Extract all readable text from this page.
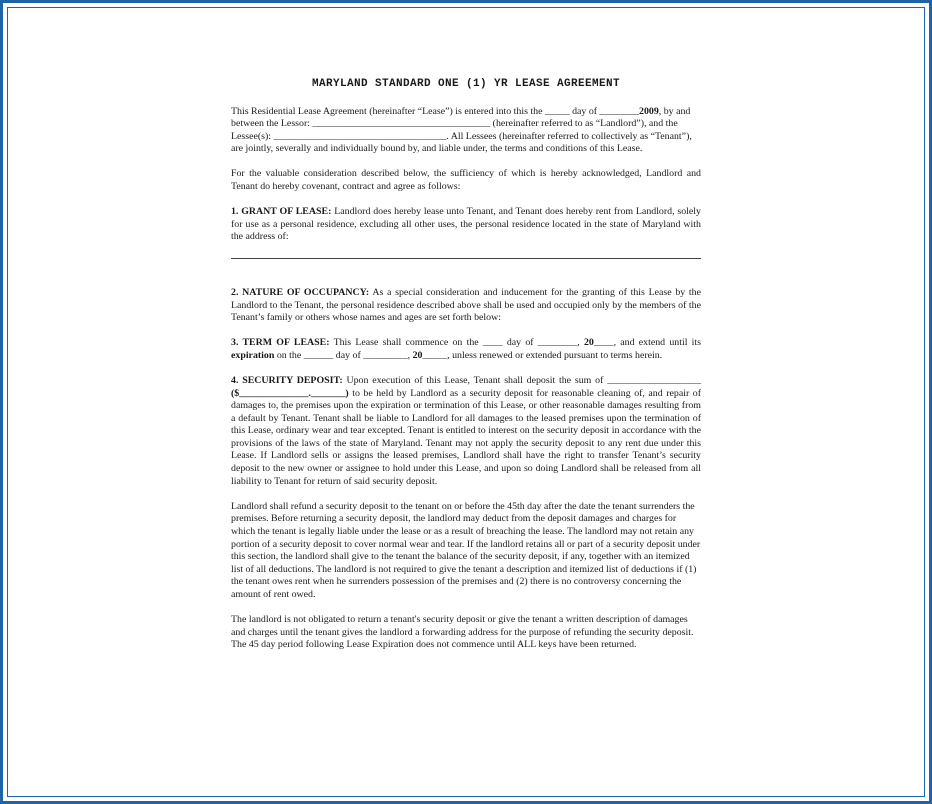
MARYLAND STANDARD ONE (1) YR LEASE AGREEMENT
This Residential Lease Agreement (hereinafter “Lease”) is entered into this the _____ day of ________2009, by and between the Lessor: ____________________________________ (hereinafter referred to as “Landlord”), and the Lessee(s): ___________________________________. All Lessees (hereinafter referred to collectively as “Tenant”), are jointly, severally and individually bound by, and liable under, the terms and conditions of this Lease.
For the valuable consideration described below, the sufficiency of which is hereby acknowledged, Landlord and Tenant do hereby covenant, contract and agree as follows:
1. GRANT OF LEASE: Landlord does hereby lease unto Tenant, and Tenant does hereby rent from Landlord, solely for use as a personal residence, excluding all other uses, the personal residence located in the state of Maryland with the address of:
2. NATURE OF OCCUPANCY: As a special consideration and inducement for the granting of this Lease by the Landlord to the Tenant, the personal residence described above shall be used and occupied only by the members of the Tenant’s family or others whose names and ages are set forth below:
3. TERM OF LEASE: This Lease shall commence on the ____ day of ________, 20____, and extend until its expiration on the ______ day of _________, 20_____, unless renewed or extended pursuant to terms herein.
4. SECURITY DEPOSIT: Upon execution of this Lease, Tenant shall deposit the sum of ___________________ ($______________._______) to be held by Landlord as a security deposit for reasonable cleaning of, and repair of damages to, the premises upon the expiration or termination of this Lease, or other reasonable damages resulting from a default by Tenant. Tenant shall be liable to Landlord for all damages to the leased premises upon the termination of this Lease, ordinary wear and tear excepted. Tenant is entitled to interest on the security deposit in accordance with the provisions of the laws of the state of Maryland. Tenant may not apply the security deposit to any rent due under this Lease. If Landlord sells or assigns the leased premises, Landlord shall have the right to transfer Tenant’s security deposit to the new owner or assignee to hold under this Lease, and upon so doing Landlord shall be released from all liability to Tenant for return of said security deposit.
Landlord shall refund a security deposit to the tenant on or before the 45th day after the date the tenant surrenders the premises. Before returning a security deposit, the landlord may deduct from the deposit damages and charges for which the tenant is legally liable under the lease or as a result of breaching the lease. The landlord may not retain any portion of a security deposit to cover normal wear and tear. If the landlord retains all or part of a security deposit under this section, the landlord shall give to the tenant the balance of the security deposit, if any, together with an itemized list of all deductions. The landlord is not required to give the tenant a description and itemized list of deductions if (1) the tenant owes rent when he surrenders possession of the premises and (2) there is no controversy concerning the amount of rent owed.
The landlord is not obligated to return a tenant's security deposit or give the tenant a written description of damages and charges until the tenant gives the landlord a forwarding address for the purpose of refunding the security deposit. The 45 day period following Lease Expiration does not commence until ALL keys have been returned.
